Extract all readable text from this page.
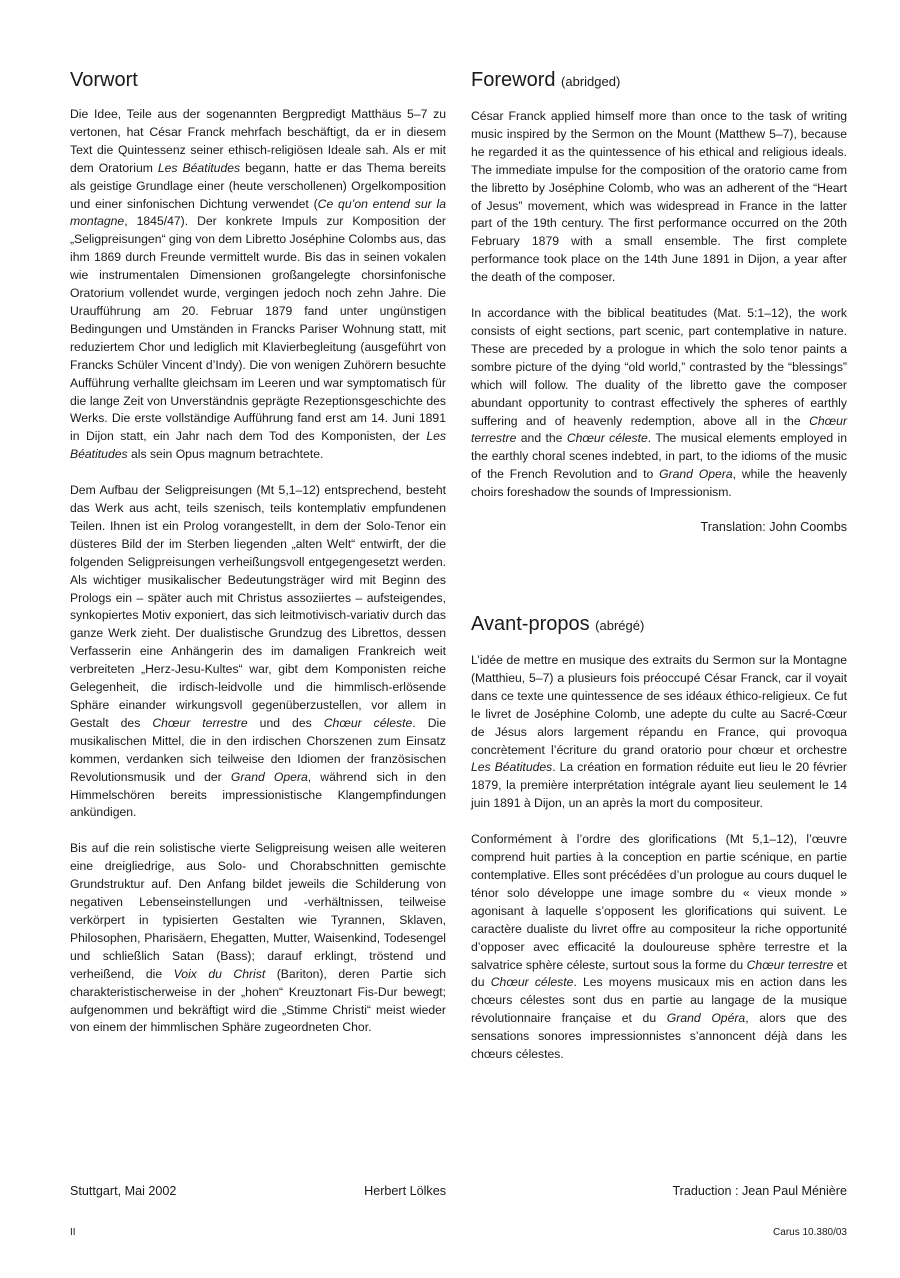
Vorwort

Die Idee, Teile aus der sogenannten Bergpredigt Matthäus 5–7 zu vertonen, hat César Franck mehrfach beschäftigt, da er in diesem Text die Quintessenz seiner ethisch-religiösen Ideale sah. Als er mit dem Oratorium Les Béatitudes begann, hatte er das Thema bereits als geistige Grundlage einer (heute verschollenen) Orgelkomposition und einer sinfonischen Dichtung verwendet (Ce qu’on entend sur la montagne, 1845/47). Der konkrete Impuls zur Komposition der „Seligpreisungen“ ging von dem Libretto Joséphine Colombs aus, das ihm 1869 durch Freunde vermittelt wurde. Bis das in seinen vokalen wie instrumentalen Dimensionen großangelegte chorsinfonische Oratorium vollendet wurde, vergingen jedoch noch zehn Jahre. Die Uraufführung am 20. Februar 1879 fand unter ungünstigen Bedingungen und Umständen in Francks Pariser Wohnung statt, mit reduziertem Chor und lediglich mit Klavierbegleitung (ausgeführt von Francks Schüler Vincent d’Indy). Die von wenigen Zuhörern besuchte Aufführung verhallte gleichsam im Leeren und war symptomatisch für die lange Zeit von Unverständnis geprägte Rezeptionsgeschichte des Werks. Die erste vollständige Aufführung fand erst am 14. Juni 1891 in Dijon statt, ein Jahr nach dem Tod des Komponisten, der Les Béatitudes als sein Opus magnum betrachtete.

Dem Aufbau der Seligpreisungen (Mt 5,1–12) entsprechend, besteht das Werk aus acht, teils szenisch, teils kontemplativ empfundenen Teilen. Ihnen ist ein Prolog vorangestellt, in dem der Solo-Tenor ein düsteres Bild der im Sterben liegenden „alten Welt“ entwirft, der die folgenden Seligpreisungen verheißungsvoll entgegengesetzt werden. Als wichtiger musikalischer Bedeutungsträger wird mit Beginn des Prologs ein – später auch mit Christus assoziiertes – aufsteigendes, synkopiertes Motiv exponiert, das sich leitmotivisch-variativ durch das ganze Werk zieht. Der dualistische Grundzug des Librettos, dessen Verfasserin eine Anhängerin des im damaligen Frankreich weit verbreiteten „Herz-Jesu-Kultes“ war, gibt dem Komponisten reiche Gelegenheit, die irdisch-leidvolle und die himmlisch-erlösende Sphäre einander wirkungsvoll gegenüberzustellen, vor allem in Gestalt des Chœur terrestre und des Chœur céleste. Die musikalischen Mittel, die in den irdischen Chorszenen zum Einsatz kommen, verdanken sich teilweise den Idiomen der französischen Revolutionsmusik und der Grand Opera, während sich in den Himmelschören bereits impressionistische Klangempfindungen ankündigen.

Bis auf die rein solistische vierte Seligpreisung weisen alle weiteren eine dreigliedrige, aus Solo- und Chorabschnitten gemischte Grundstruktur auf. Den Anfang bildet jeweils die Schilderung von negativen Lebenseinstellungen und -verhältnissen, teilweise verkörpert in typisierten Gestalten wie Tyrannen, Sklaven, Philosophen, Pharisäern, Ehegatten, Mutter, Waisenkind, Todesengel und schließlich Satan (Bass); darauf erklingt, tröstend und verheißend, die Voix du Christ (Bariton), deren Partie sich charakteristischerweise in der „hohen“ Kreuztonart Fis-Dur bewegt; aufgenommen und bekräftigt wird die „Stimme Christi“ meist wieder von einem der himmlischen Sphäre zugeordneten Chor.

Foreword (abridged)

César Franck applied himself more than once to the task of writing music inspired by the Sermon on the Mount (Matthew 5–7), because he regarded it as the quintessence of his ethical and religious ideals. The immediate impulse for the composition of the oratorio came from the libretto by Joséphine Colomb, who was an adherent of the “Heart of Jesus” movement, which was widespread in France in the latter part of the 19th century. The first performance occurred on the 20th February 1879 with a small ensemble. The first complete performance took place on the 14th June 1891 in Dijon, a year after the death of the composer.

In accordance with the biblical beatitudes (Mat. 5:1–12), the work consists of eight sections, part scenic, part contemplative in nature. These are preceded by a prologue in which the solo tenor paints a sombre picture of the dying “old world,” contrasted by the “blessings” which will follow. The duality of the libretto gave the composer abundant opportunity to contrast effectively the spheres of earthly suffering and of heavenly redemption, above all in the Chœur terrestre and the Chœur céleste. The musical elements employed in the earthly choral scenes indebted, in part, to the idioms of the music of the French Revolution and to Grand Opera, while the heavenly choirs foreshadow the sounds of Impressionism.

Translation: John Coombs
Avant-propos (abrégé)

L’idée de mettre en musique des extraits du Sermon sur la Montagne (Matthieu, 5–7) a plusieurs fois préoccupé César Franck, car il voyait dans ce texte une quintessence de ses idéaux éthico-religieux. Ce fut le livret de Joséphine Colomb, une adepte du culte au Sacré-Cœur de Jésus alors largement répandu en France, qui provoqua concrètement l’écriture du grand oratorio pour chœur et orchestre Les Béatitudes. La création en formation réduite eut lieu le 20 février 1879, la première interprétation intégrale ayant lieu seulement le 14 juin 1891 à Dijon, un an après la mort du compositeur.

Conformément à l’ordre des glorifications (Mt 5,1–12), l’œuvre comprend huit parties à la conception en partie scénique, en partie contemplative. Elles sont précédées d’un prologue au cours duquel le ténor solo développe une image sombre du « vieux monde » agonisant à laquelle s’opposent les glorifications qui suivent. Le caractère dualiste du livret offre au compositeur la riche opportunité d’opposer avec efficacité la douloureuse sphère terrestre et la salvatrice sphère céleste, surtout sous la forme du Chœur terrestre et du Chœur céleste. Les moyens musicaux mis en action dans les chœurs célestes sont dus en partie au langage de la musique révolutionnaire française et du Grand Opéra, alors que des sensations sonores impressionnistes s’annoncent déjà dans les chœurs célestes.

Stuttgart, Mai 2002	Herbert Lölkes	Traduction : Jean Paul Ménière
II	Carus 10.380/03
